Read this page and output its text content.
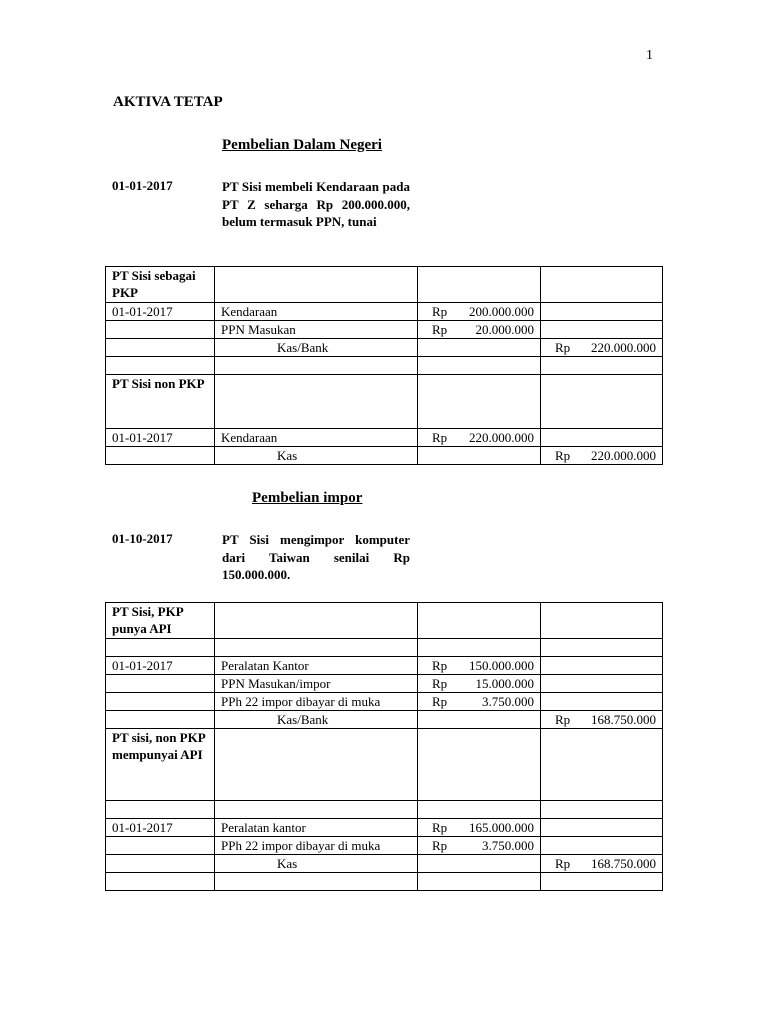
1
AKTIVA TETAP
Pembelian Dalam Negeri
01-01-2017	PT Sisi membeli Kendaraan pada PT Z seharga Rp 200.000.000, belum termasuk PPN, tunai
PT Sisi sebagai PKP			
01-01-2017	Kendaraan	Rp 200.000.000	

	PPN Masukan	Rp 20.000.000	

	Kas/Bank		Rp 220.000.000

PT Sisi non PKP			
01-01-2017	Kendaraan	Rp 220.000.000	

	Kas		Rp 220.000.000
Pembelian impor
01-10-2017	PT Sisi mengimpor komputer dari Taiwan senilai Rp 150.000.000.
PT Sisi, PKP punya API			

01-01-2017	Peralatan Kantor	Rp 150.000.000	

	PPN Masukan/impor	Rp 15.000.000	

	PPh 22 impor dibayar di muka	Rp 3.750.000	

	Kas/Bank		Rp 168.750.000

PT sisi, non PKP mempunyai API			

01-01-2017	Peralatan kantor	Rp 165.000.000	

	PPh 22 impor dibayar di muka	Rp 3.750.000	

	Kas		Rp 168.750.000
